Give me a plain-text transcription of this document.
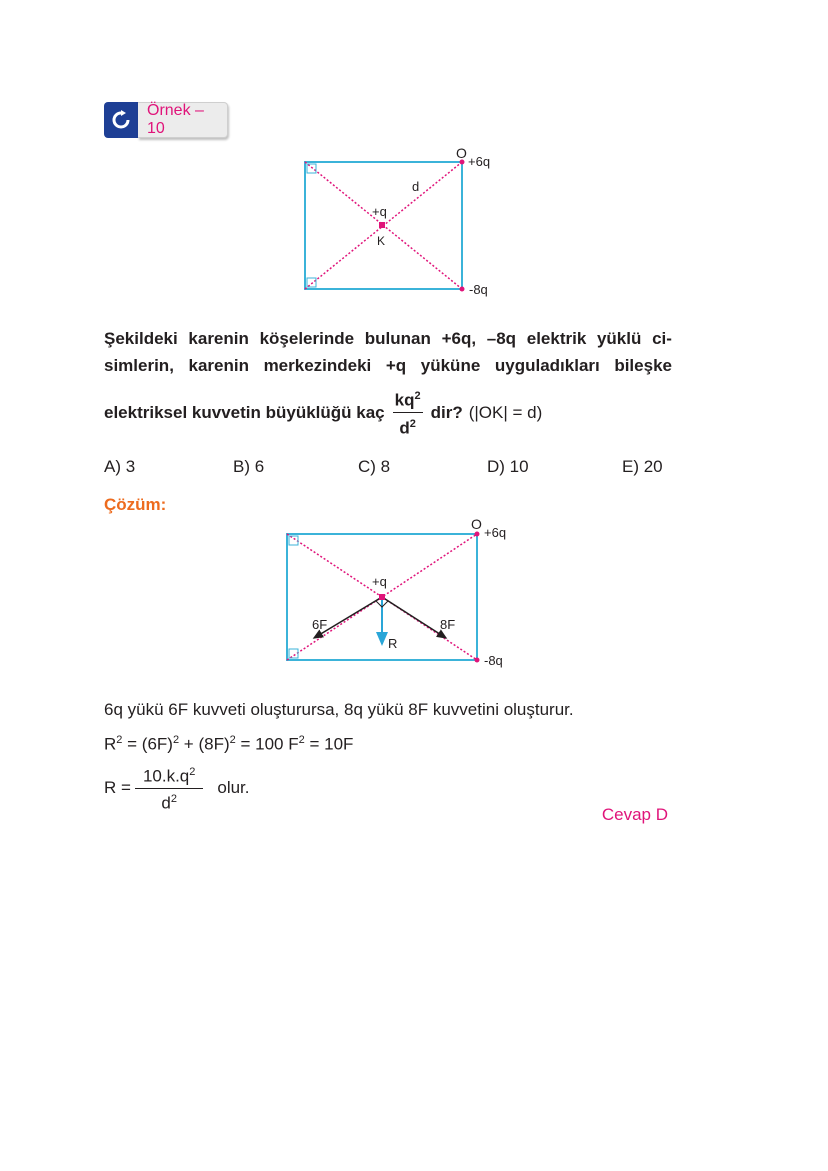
Örnek – 10
O
+6q
-8q
+q
K
d
Şekildeki karenin köşelerinde bulunan +6q, –8q elektrik yüklü ci-
simlerin, karenin merkezindeki +q yüküne uyguladıkları bileşke
elektriksel kuvvetin büyüklüğü kaç $\frac{kq^2}{d^2}$ dir? (|OK| = d)
A) 3	B) 6	C) 8	D) 10	E) 20
Çözüm:
O
+6q
-8q
+q
6F	8F
R
6q yükü 6F kuvveti oluşturursa, 8q yükü 8F kuvvetini oluşturur.
$R^2 = (6F)^2 + (8F)^2 = 100$ $F^2 = 10F$
$R = \frac{10.k.q^2}{d^2}$ olur.
Cevap D
